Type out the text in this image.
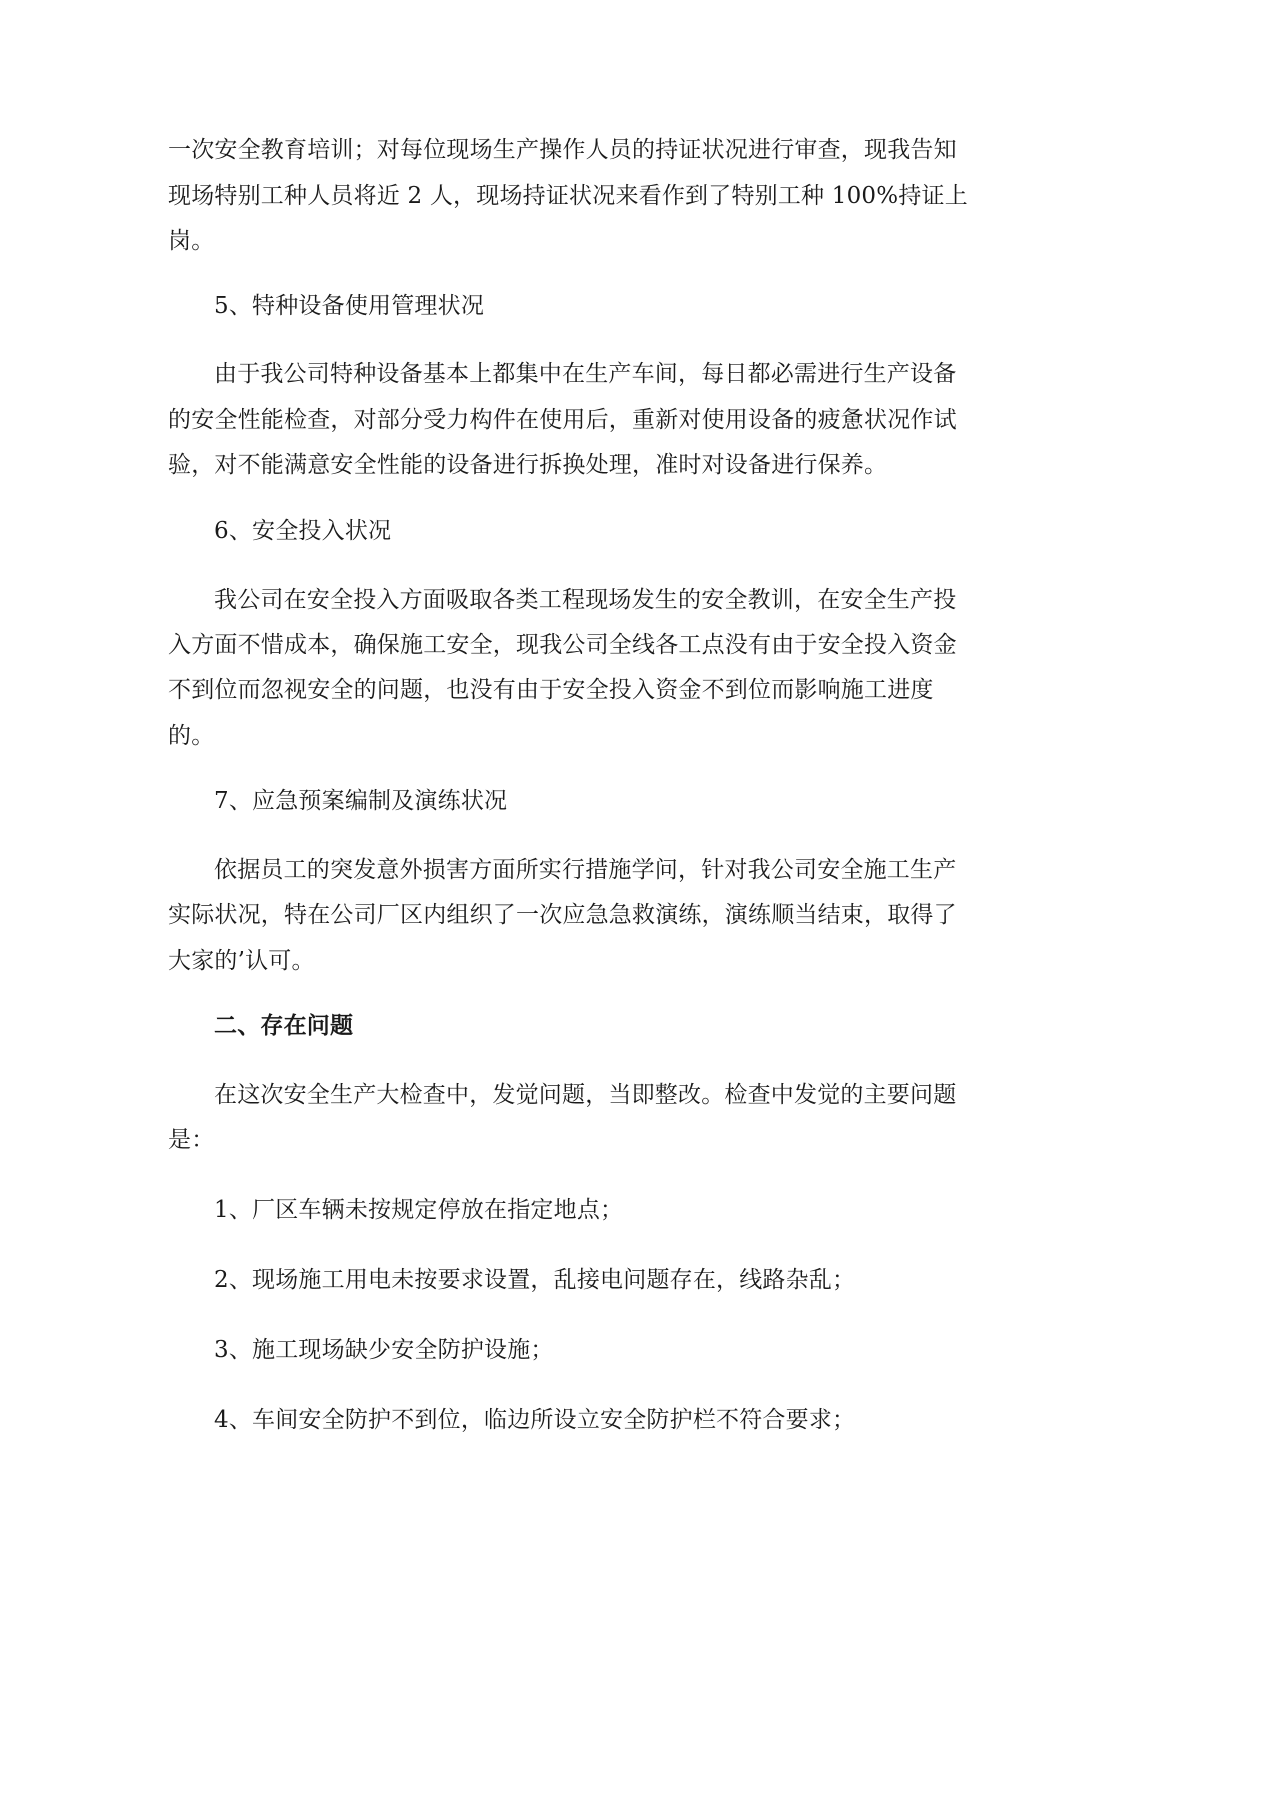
一次安全教育培训；对每位现场生产操作人员的持证状况进行审查，现我告知
现场特别工种人员将近 2 人，现场持证状况来看作到了特别工种 100%持证上
岗。
5、特种设备使用管理状况
由于我公司特种设备基本上都集中在生产车间，每日都必需进行生产设备
的安全性能检查，对部分受力构件在使用后，重新对使用设备的疲惫状况作试
验，对不能满意安全性能的设备进行拆换处理，准时对设备进行保养。
6、安全投入状况
我公司在安全投入方面吸取各类工程现场发生的安全教训，在安全生产投
入方面不惜成本，确保施工安全，现我公司全线各工点没有由于安全投入资金
不到位而忽视安全的问题，也没有由于安全投入资金不到位而影响施工进度
的。
7、应急预案编制及演练状况
依据员工的突发意外损害方面所实行措施学问，针对我公司安全施工生产
实际状况，特在公司厂区内组织了一次应急急救演练，演练顺当结束，取得了
大家的’认可。
二、存在问题
在这次安全生产大检查中，发觉问题，当即整改。检查中发觉的主要问题
是：
1、厂区车辆未按规定停放在指定地点；
2、现场施工用电未按要求设置，乱接电问题存在，线路杂乱；
3、施工现场缺少安全防护设施；
4、车间安全防护不到位，临边所设立安全防护栏不符合要求；
